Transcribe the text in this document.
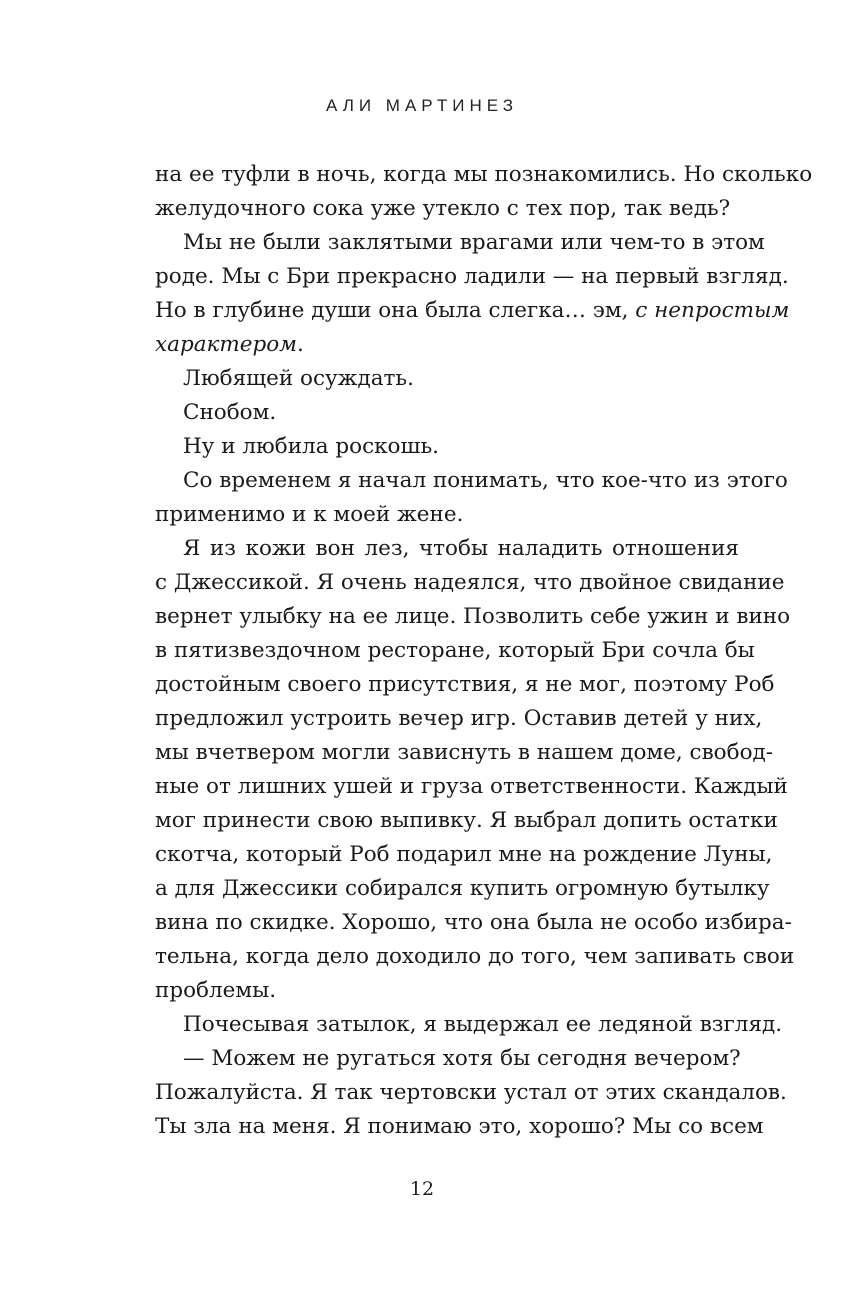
АЛИ МАРТИНЕЗ
на ее туфли в ночь, когда мы познакомились. Но сколько
желудочного сока уже утекло с тех пор, так ведь?
Мы не были заклятыми врагами или чем-то в этом
роде. Мы с Бри прекрасно ладили — на первый взгляд.
Но в глубине души она была слегка… эм, с непростым
характером.
Любящей осуждать.
Снобом.
Ну и любила роскошь.
Со временем я начал понимать, что кое-что из этого
применимо и к моей жене.
Я из кожи вон лез, чтобы наладить отношения
с Джессикой. Я очень надеялся, что двойное свидание
вернет улыбку на ее лице. Позволить себе ужин и вино
в пятизвездочном ресторане, который Бри сочла бы
достойным своего присутствия, я не мог, поэтому Роб
предложил устроить вечер игр. Оставив детей у них,
мы вчетвером могли зависнуть в нашем доме, свобод-
ные от лишних ушей и груза ответственности. Каждый
мог принести свою выпивку. Я выбрал допить остатки
скотча, который Роб подарил мне на рождение Луны,
а для Джессики собирался купить огромную бутылку
вина по скидке. Хорошо, что она была не особо избира-
тельна, когда дело доходило до того, чем запивать свои
проблемы.
Почесывая затылок, я выдержал ее ледяной взгляд.
— Можем не ругаться хотя бы сегодня вечером?
Пожалуйста. Я так чертовски устал от этих скандалов.
Ты зла на меня. Я понимаю это, хорошо? Мы со всем
12
